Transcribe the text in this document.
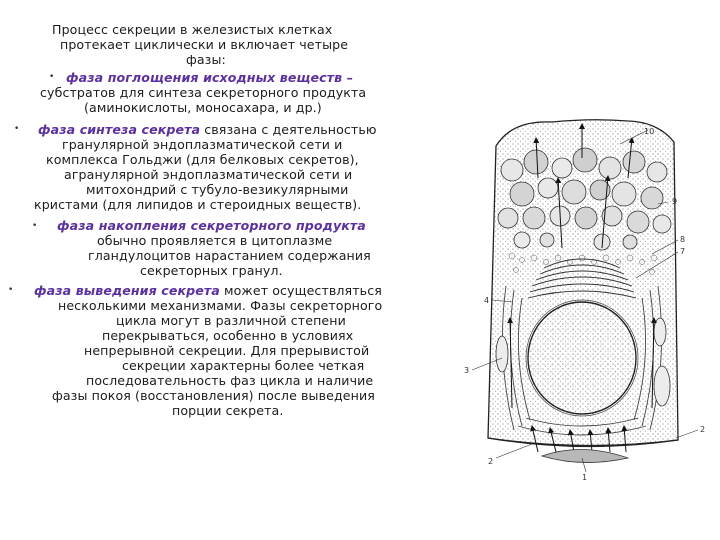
Процесс секреции в железистых клетках
протекает циклически и включает четыре
фазы:
• фаза поглощения исходных веществ –
субстратов для синтеза секреторного продукта
(аминокислоты, моносахара, и др.)
• фаза синтеза секрета связана с деятельностью
гранулярной эндоплазматической сети и
комплекса Гольджи (для белковых секретов),
агранулярной эндоплазматической сети и
митохондрий с тубуло-везикулярными
кристами (для липидов и стероидных веществ).
• фаза накопления секреторного продукта
обычно проявляется в цитоплазме
гландулоцитов нарастанием содержания
секреторных гранул.
• фаза выведения секрета может осуществляться
несколькими механизмами. Фазы секреторного
цикла могут в различной степени
перекрываться, особенно в условиях
непрерывной секреции. Для прерывистой
секреции характерны более четкая
последовательность фаз цикла и наличие
фазы покоя (восстановления) после выведения
порции секрета.
10
9
8
7
4
3
2
2
1
